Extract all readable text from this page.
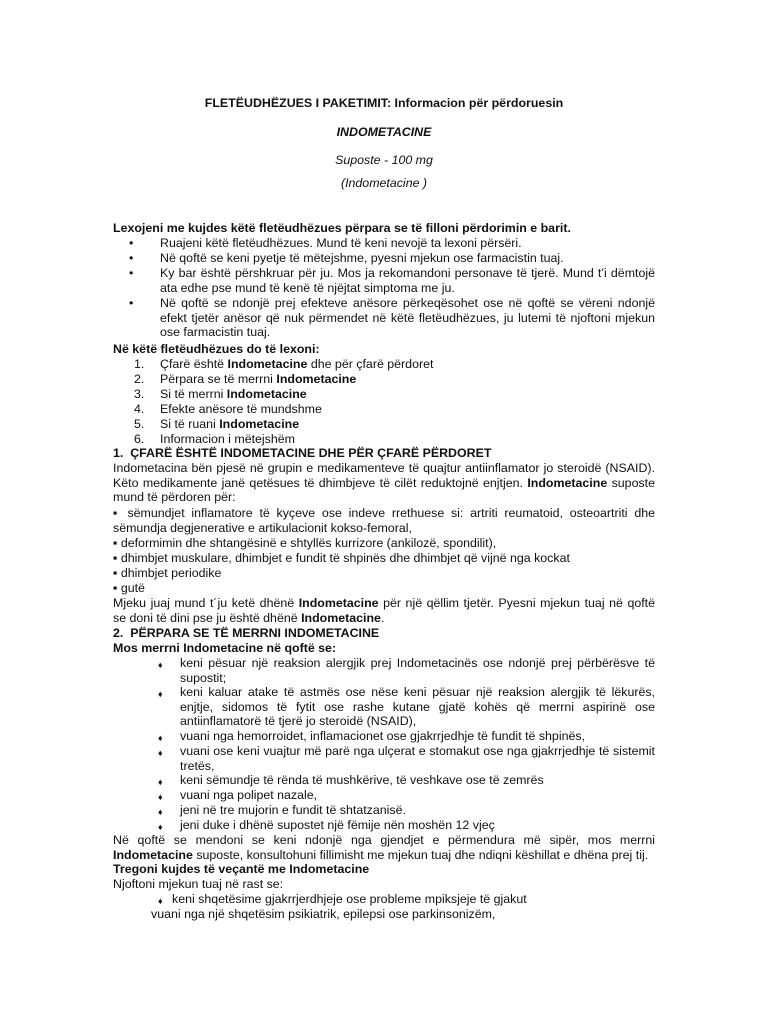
FLETËUDHËZUES I PAKETIMIT: Informacion për përdoruesin
INDOMETACINE
Suposte - 100 mg
(Indometacine )
Lexojeni me kujdes këtë fletëudhëzues përpara se të filloni përdorimin e barit.
• Ruajeni këtë fletëudhëzues. Mund të keni nevojë ta lexoni përsëri.
• Në qoftë se keni pyetje të mëtejshme, pyesni mjekun ose farmacistin tuaj.
• Ky bar është përshkruar për ju. Mos ja rekomandoni personave të tjerë. Mund t’i dëmtojë ata edhe pse mund të kenë të njëjtat simptoma me ju.
• Në qoftë se ndonjë prej efekteve anësore përkeqësohet ose në qoftë se vëreni ndonjë efekt tjetër anësor që nuk përmendet në këtë fletëudhëzues, ju lutemi të njoftoni mjekun ose farmacistin tuaj.
Në këtë fletëudhëzues do të lexoni:
1. Çfarë është Indometacine dhe për çfarë përdoret
2. Përpara se të merrni Indometacine
3. Si të merrni Indometacine
4. Efekte anësore të mundshme
5. Si të ruani Indometacine
6. Informacion i mëtejshëm
1.  ÇFARË ËSHTË INDOMETACINE DHE PËR ÇFARË PËRDORET
Indometacina bën pjesë në grupin e medikamenteve të quajtur antiinflamator jo steroidë (NSAID). Këto medikamente janë qetësues të dhimbjeve të cilët reduktojnë enjtjen. Indometacine suposte mund të përdoren për:
▪ sëmundjet inflamatore të kyçeve ose indeve rrethuese si: artriti reumatoid, osteoartriti dhe sëmundja degjenerative e artikulacionit kokso-femoral,
▪ deformimin dhe shtangësinë e shtyllës kurrizore (ankilozë, spondilit),
▪ dhimbjet muskulare, dhimbjet e fundit të shpinës dhe dhimbjet që vijnë nga kockat
▪ dhimbjet periodike
▪ gutë
Mjeku juaj mund t´ju ketë dhënë Indometacine për një qëllim tjetër. Pyesni mjekun tuaj në qoftë se doni të dini pse ju është dhënë Indometacine.
2.  PËRPARA SE TË MERRNI INDOMETACINE
Mos merrni Indometacine në qoftë se:
♦ keni pësuar një reaksion alergjik prej Indometacinës ose ndonjë prej përbërësve të supostit;
♦ keni kaluar atake të astmës ose nëse keni pësuar një reaksion alergjik të lëkurës, enjtje, sidomos të fytit ose rashe kutane gjatë kohës që merrni aspirinë ose antiinflamatorë të tjerë jo steroidë (NSAID),
♦ vuani nga hemorroidet, inflamacionet ose gjakrrjedhje të fundit të shpinës,
♦ vuani ose keni vuajtur më parë nga ulçerat e stomakut ose nga gjakrrjedhje të sistemit tretës,
♦ keni sëmundje të rënda të mushkërive, të veshkave ose të zemrës
♦ vuani nga polipet nazale,
♦ jeni në tre mujorin e fundit të shtatzanisë.
♦ jeni duke i dhënë supostet një fëmije nën moshën 12 vjeç
Në qoftë se mendoni se keni ndonjë nga gjendjet e përmendura më sipër, mos merrni Indometacine suposte, konsultohuni fillimisht me mjekun tuaj dhe ndiqni këshillat e dhëna prej tij.
Tregoni kujdes të veçantë me Indometacine
Njoftoni mjekun tuaj në rast se:
♦ keni shqetësime gjakrrjerdhjeje ose probleme mpiksjeje të gjakut
vuani nga një shqetësim psikiatrik, epilepsi ose parkinsonizëm,
